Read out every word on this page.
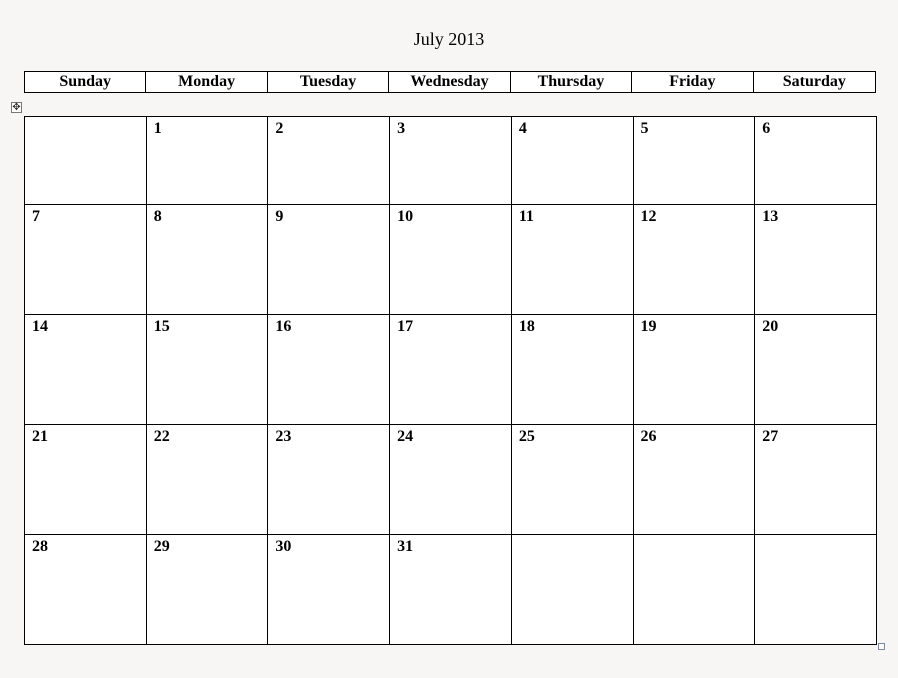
July 2013
Sunday	Monday	Tuesday	Wednesday	Thursday	Friday	Saturday
✥
	1	2	3	4	5	6
7	8	9	10	11	12	13
14	15	16	17	18	19	20
21	22	23	24	25	26	27
28	29	30	31			
